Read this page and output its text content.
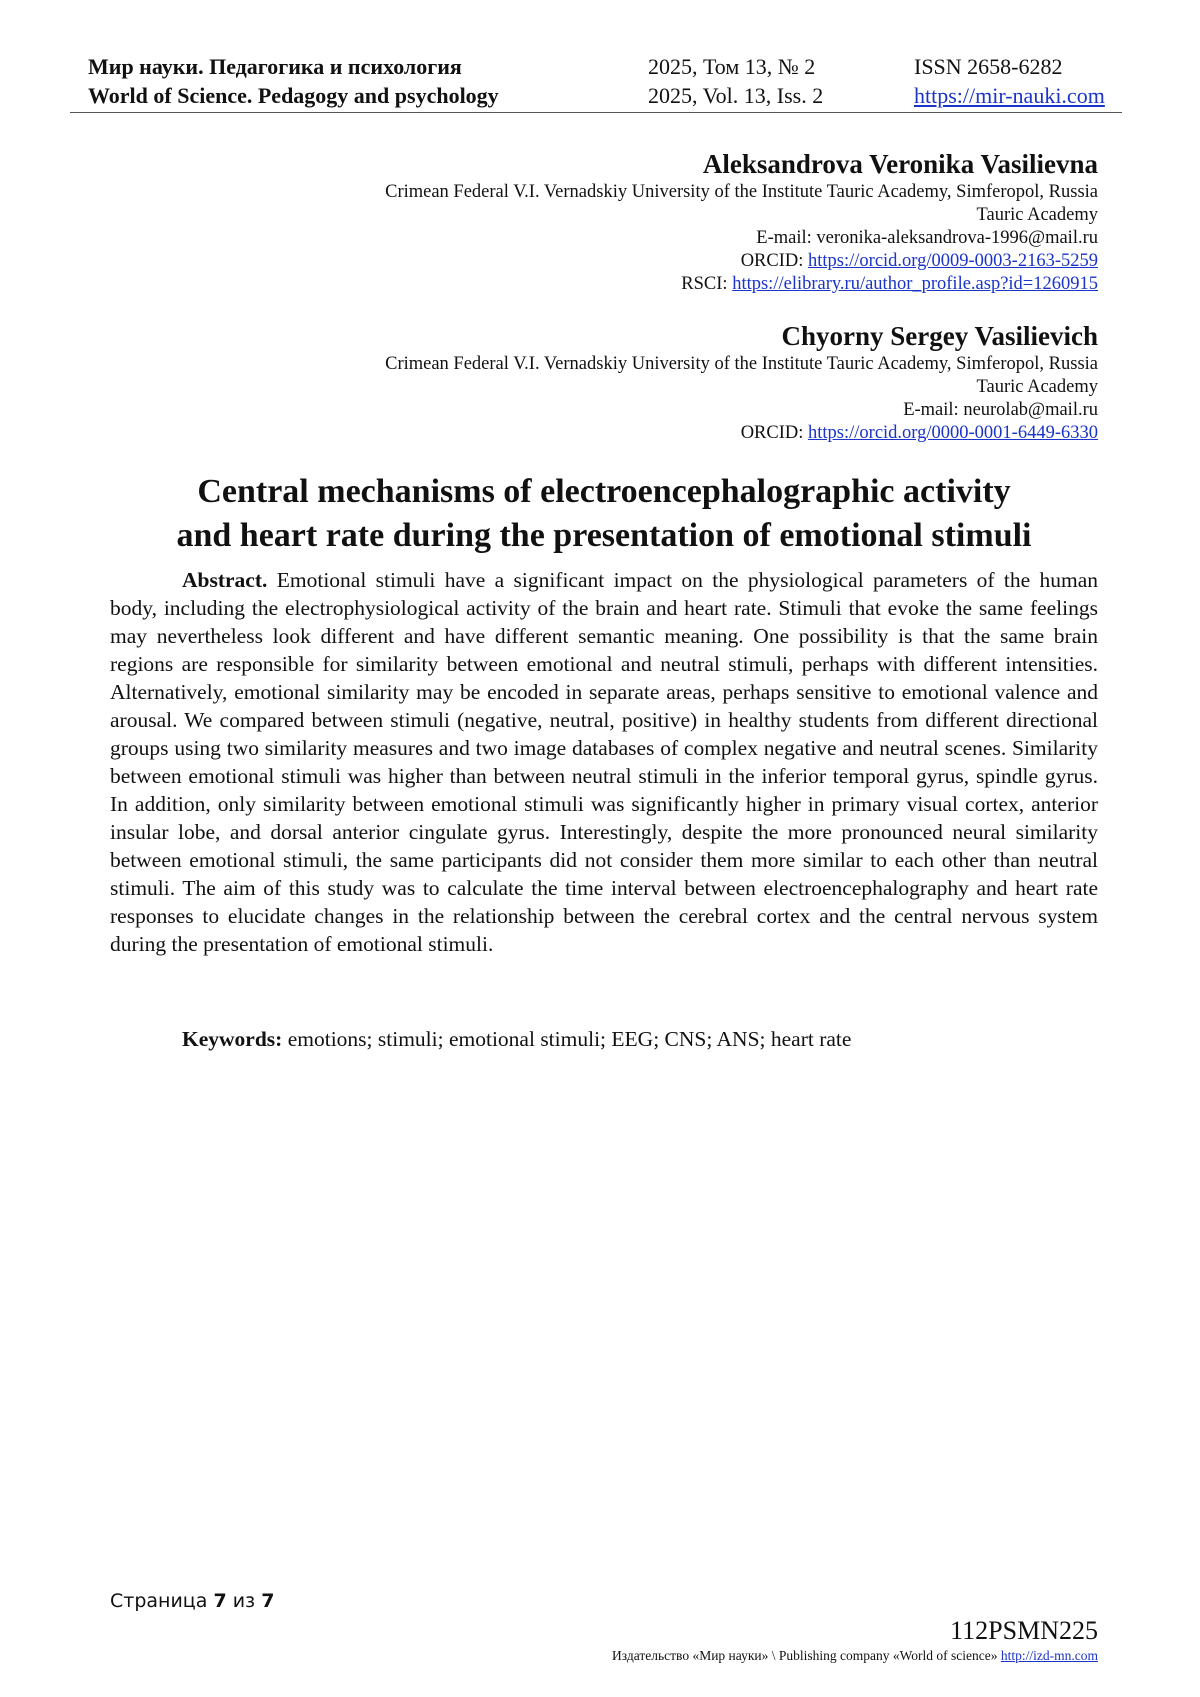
Мир науки. Педагогика и психология	2025, Том 13, № 2	ISSN 2658-6282
World of Science. Pedagogy and psychology	2025, Vol. 13, Iss. 2	https://mir-nauki.com
Aleksandrova Veronika Vasilievna
Crimean Federal V.I. Vernadskiy University of the Institute Tauric Academy, Simferopol, Russia
Tauric Academy
E-mail: veronika-aleksandrova-1996@mail.ru
ORCID: https://orcid.org/0009-0003-2163-5259
RSCI: https://elibrary.ru/author_profile.asp?id=1260915
Chyorny Sergey Vasilievich
Crimean Federal V.I. Vernadskiy University of the Institute Tauric Academy, Simferopol, Russia
Tauric Academy
E-mail: neurolab@mail.ru
ORCID: https://orcid.org/0000-0001-6449-6330
Central mechanisms of electroencephalographic activity
and heart rate during the presentation of emotional stimuli

Abstract. Emotional stimuli have a significant impact on the physiological parameters of the human body, including the electrophysiological activity of the brain and heart rate. Stimuli that evoke the same feelings may nevertheless look different and have different semantic meaning. One possibility is that the same brain regions are responsible for similarity between emotional and neutral stimuli, perhaps with different intensities. Alternatively, emotional similarity may be encoded in separate areas, perhaps sensitive to emotional valence and arousal. We compared between stimuli (negative, neutral, positive) in healthy students from different directional groups using two similarity measures and two image databases of complex negative and neutral scenes. Similarity between emotional stimuli was higher than between neutral stimuli in the inferior temporal gyrus, spindle gyrus. In addition, only similarity between emotional stimuli was significantly higher in primary visual cortex, anterior insular lobe, and dorsal anterior cingulate gyrus. Interestingly, despite the more pronounced neural similarity between emotional stimuli, the same participants did not consider them more similar to each other than neutral stimuli. The aim of this study was to calculate the time interval between electroencephalography and heart rate responses to elucidate changes in the relationship between the cerebral cortex and the central nervous system during the presentation of emotional stimuli.

Keywords: emotions; stimuli; emotional stimuli; EEG; CNS; ANS; heart rate
Страница 7 из 7
112PSMN225
Издательство «Мир науки» \ Publishing company «World of science» http://izd-mn.com
